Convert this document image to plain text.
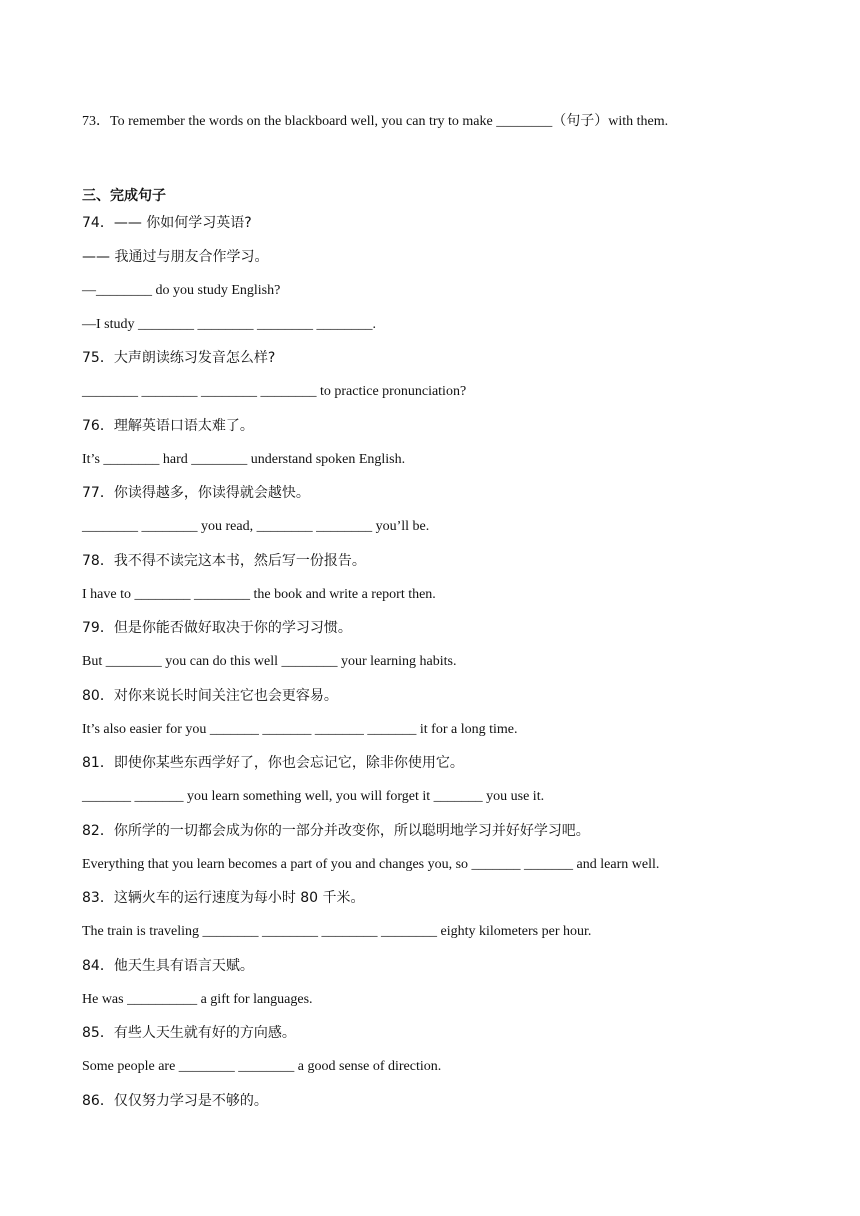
73．To remember the words on the blackboard well, you can try to make ________（句子）with them.
三、完成句子
74．—— 你如何学习英语?
—— 我通过与朋友合作学习。
—________ do you study English?
—I study ________ ________ ________ ________.
75．大声朗读练习发音怎么样?
________ ________ ________ ________ to practice pronunciation?
76．理解英语口语太难了。
It’s ________ hard ________ understand spoken English.
77．你读得越多，你读得就会越快。
________ ________ you read, ________ ________ you’ll be.
78．我不得不读完这本书，然后写一份报告。
I have to ________ ________ the book and write a report then.
79．但是你能否做好取决于你的学习习惯。
But ________ you can do this well ________ your learning habits.
80．对你来说长时间关注它也会更容易。
It’s also easier for you _______ _______ _______ _______ it for a long time.
81．即使你某些东西学好了，你也会忘记它，除非你使用它。
_______ _______ you learn something well, you will forget it _______ you use it.
82．你所学的一切都会成为你的一部分并改变你，所以聪明地学习并好好学习吧。
Everything that you learn becomes a part of you and changes you, so _______ _______ and learn well.
83．这辆火车的运行速度为每小时 80 千米。
The train is traveling ________ ________ ________ ________ eighty kilometers per hour.
84．他天生具有语言天赋。
He was __________ a gift for languages.
85．有些人天生就有好的方向感。
Some people are ________ ________ a good sense of direction.
86．仅仅努力学习是不够的。
